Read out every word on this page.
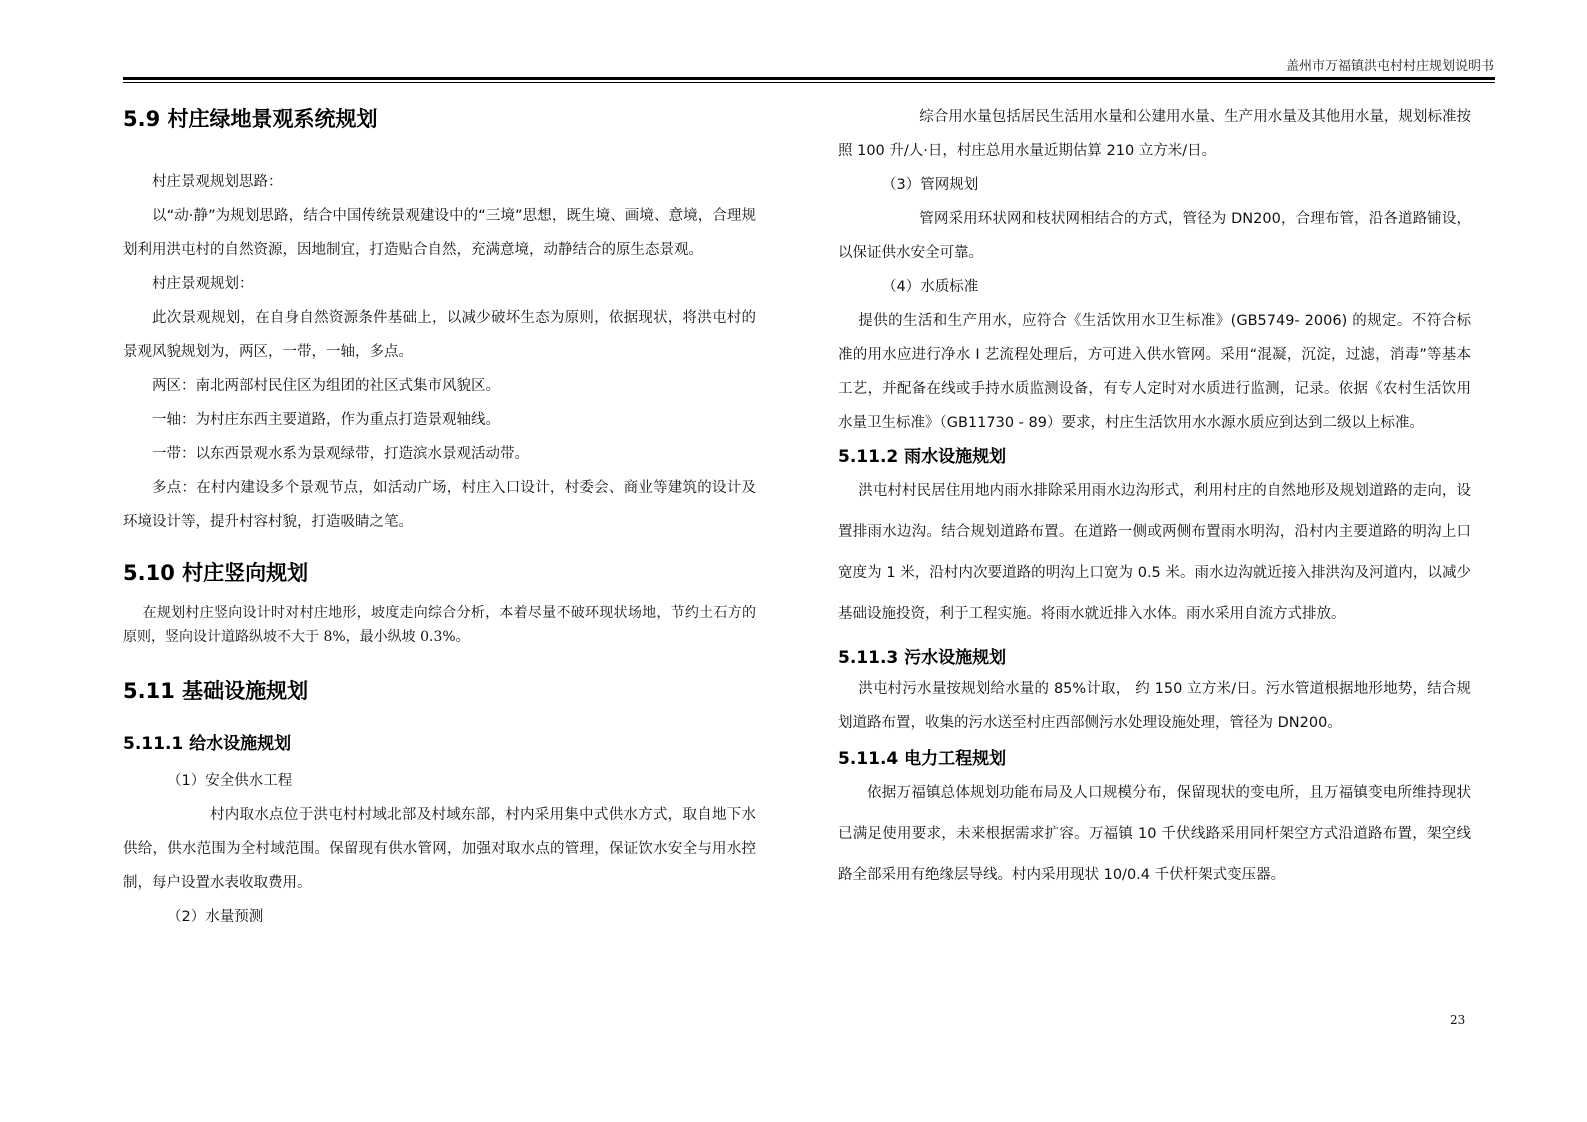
盖州市万福镇洪屯村村庄规划说明书
5.9 村庄绿地景观系统规划
村庄景观规划思路：
以“动·静”为规划思路，结合中国传统景观建设中的“三境”思想，既生境、画境、意境，合理规划利用洪屯村的自然资源，因地制宜，打造贴合自然，充满意境，动静结合的原生态景观。
村庄景观规划：
此次景观规划，在自身自然资源条件基础上，以减少破坏生态为原则，依据现状，将洪屯村的景观风貌规划为，两区，一带，一轴，多点。
两区：南北两部村民住区为组团的社区式集市风貌区。
一轴：为村庄东西主要道路，作为重点打造景观轴线。
一带：以东西景观水系为景观绿带，打造滨水景观活动带。
多点：在村内建设多个景观节点，如活动广场，村庄入口设计，村委会、商业等建筑的设计及环境设计等，提升村容村貌，打造吸睛之笔。
5.10 村庄竖向规划
在规划村庄竖向设计时对村庄地形，坡度走向综合分析，本着尽量不破环现状场地，节约土石方的原则，竖向设计道路纵坡不大于 8%，最小纵坡 0.3%。
5.11 基础设施规划
5.11.1 给水设施规划
（1）安全供水工程
村内取水点位于洪屯村村域北部及村域东部，村内采用集中式供水方式，取自地下水供给，供水范围为全村域范围。保留现有供水管网，加强对取水点的管理，保证饮水安全与用水控制，每户设置水表收取费用。
（2）水量预测
综合用水量包括居民生活用水量和公建用水量、生产用水量及其他用水量，规划标准按照 100 升/人·日，村庄总用水量近期估算 210 立方米/日。
（3）管网规划
管网采用环状网和枝状网相结合的方式，管径为 DN200，合理布管，沿各道路铺设，以保证供水安全可靠。
（4）水质标准
提供的生活和生产用水，应符合《生活饮用水卫生标准》(GB5749- 2006) 的规定。不符合标准的用水应进行净水 Ⅰ 艺流程处理后，方可进入供水管网。采用“混凝，沉淀，过滤，消毒”等基本工艺，并配备在线或手持水质监测设备，有专人定时对水质进行监测，记录。依据《农村生活饮用水量卫生标准》（GB11730 - 89）要求，村庄生活饮用水水源水质应到达到二级以上标准。
5.11.2 雨水设施规划
洪屯村村民居住用地内雨水排除采用雨水边沟形式，利用村庄的自然地形及规划道路的走向，设置排雨水边沟。结合规划道路布置。在道路一侧或两侧布置雨水明沟，沿村内主要道路的明沟上口宽度为 1 米，沿村内次要道路的明沟上口宽为 0.5 米。雨水边沟就近接入排洪沟及河道内，以减少基础设施投资，利于工程实施。将雨水就近排入水体。雨水采用自流方式排放。
5.11.3 污水设施规划
洪屯村污水量按规划给水量的 85%计取， 约 150 立方米/日。污水管道根据地形地势，结合规划道路布置，收集的污水送至村庄西部侧污水处理设施处理，管径为 DN200。
5.11.4 电力工程规划
依据万福镇总体规划功能布局及人口规模分布，保留现状的变电所，且万福镇变电所维持现状已满足使用要求，未来根据需求扩容。万福镇 10 千伏线路采用同杆架空方式沿道路布置，架空线路全部采用有绝缘层导线。村内采用现状 10/0.4 千伏杆架式变压器。
23
